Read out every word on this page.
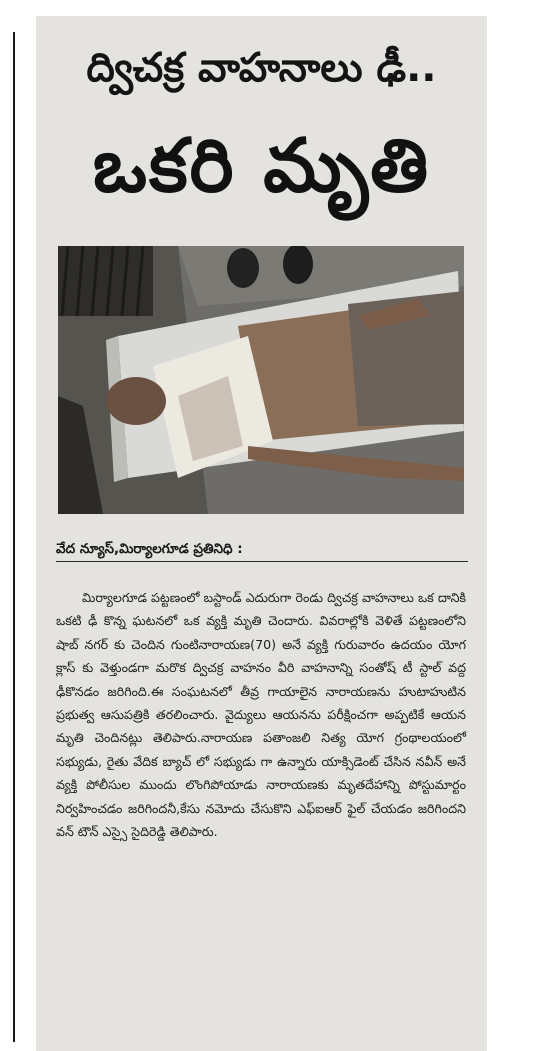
ద్విచక్ర వాహనాలు ఢీ..
ఒకరి మృతి
వేద న్యూస్,మిర్యాలగూడ ప్రతినిధి :
మిర్యాలగూడ పట్టణంలో బస్టాండ్ ఎదురుగా రెండు ద్విచక్ర వాహనాలు ఒక దానికి ఒకటి ఢీ కొన్న ఘటనలో ఒక వ్యక్తి మృతి చెందారు. వివరాల్లోకి వెళితే పట్టణంలోని షాబ్ నగర్ కు చెందిన గుంటినారాయణ(70) అనే వ్యక్తి గురువారం ఉదయం యోగ క్లాస్ కు వెళ్తుండగా మరొక ద్విచక్ర వాహనం వీరి వాహనాన్ని సంతోష్ టీ స్టాల్ వద్ద ఢీకొనడం జరిగింది.ఈ సంఘటనలో తీవ్ర గాయాలైన నారాయణను హుటాహుటిన ప్రభుత్వ ఆసుపత్రికి తరలించారు. వైద్యులు ఆయనను పరీక్షించగా అప్పటికే ఆయన మృతి చెందినట్లు తెలిపారు.నారాయణ పతాంజలి నిత్య యోగ గ్రంథాలయంలో సభ్యుడు, రైతు వేదిక బ్యాచ్ లో సభ్యుడు గా ఉన్నారు యాక్సిడెంట్ చేసిన నవీన్ అనే వ్యక్తి పోలీసుల ముందు లొంగిపోయాడు నారాయణకు మృతదేహాన్ని పోస్టుమార్టం నిర్వహించడం జరిగిందనీ,కేసు నమోదు చేసుకొని ఎఫ్ఐఆర్ ఫైల్ చేయడం జరిగిందని వన్ టౌన్ ఎస్సై సైదిరెడ్డి తెలిపారు.
